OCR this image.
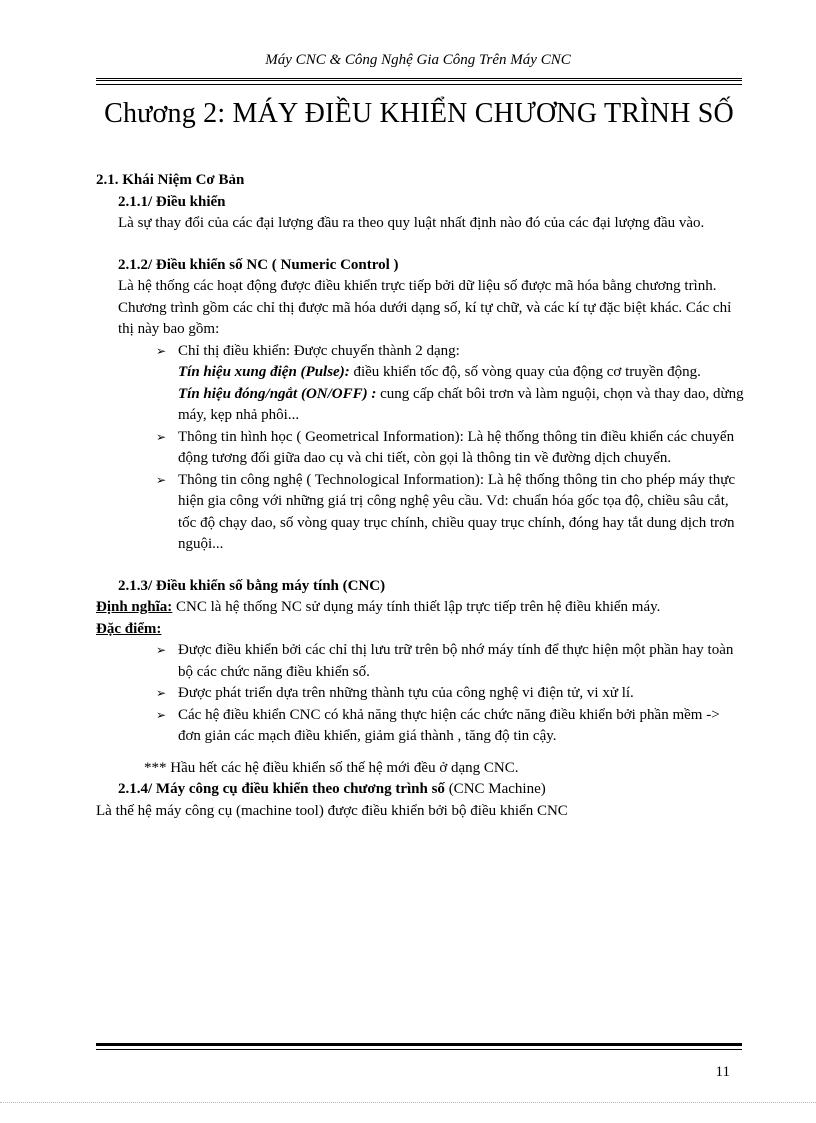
Máy CNC & Công Nghệ Gia Công Trên Máy CNC
Chương 2: MÁY ĐIỀU KHIỂN CHƯƠNG TRÌNH SỐ
2.1. Khái Niệm Cơ Bản
2.1.1/ Điều khiển
Là sự thay đổi của các đại lượng đầu ra theo quy luật nhất định nào đó của các đại lượng đầu vào.
2.1.2/ Điều khiển số NC ( Numeric Control )
Là hệ thống các hoạt động được điều khiển trực tiếp bởi dữ liệu số được mã hóa bằng chương trình. Chương trình gồm các chỉ thị được mã hóa dưới dạng số, kí tự chữ, và các kí tự đặc biệt khác. Các chỉ thị này bao gồm:
➢ Chỉ thị điều khiển: Được chuyển thành 2 dạng:
Tín hiệu xung điện (Pulse): điều khiển tốc độ, số vòng quay của động cơ truyền động.
Tín hiệu đóng/ngắt (ON/OFF) : cung cấp chất bôi trơn và làm nguội, chọn và thay dao, dừng máy, kẹp nhả phôi...
➢ Thông tin hình học ( Geometrical Information): Là hệ thống thông tin điều khiển các chuyển động tương đối giữa dao cụ và chi tiết, còn gọi là thông tin về đường dịch chuyển.
➢ Thông tin công nghệ ( Technological Information): Là hệ thống thông tin cho phép máy thực hiện gia công với những giá trị công nghệ yêu cầu. Vd: chuẩn hóa gốc tọa độ, chiều sâu cắt, tốc độ chạy dao, số vòng quay trục chính, chiều quay trục chính, đóng hay tắt dung dịch trơn nguội...
2.1.3/ Điều khiển số bằng máy tính (CNC)
Định nghĩa: CNC là hệ thống NC sử dụng máy tính thiết lập trực tiếp trên hệ điều khiển máy.
Đặc điểm:
➢ Được điều khiển bởi các chỉ thị lưu trữ trên bộ nhớ máy tính để thực hiện một phần hay toàn bộ các chức năng điều khiển số.
➢ Được phát triển dựa trên những thành tựu của công nghệ vi điện tử, vi xử lí.
➢ Các hệ điều khiển CNC có khả năng thực hiện các chức năng điều khiển bởi phần mềm -> đơn giản các mạch điều khiển, giảm giá thành , tăng độ tin cậy.
*** Hầu hết các hệ điều khiển số thế hệ mới đều ở dạng CNC.
2.1.4/ Máy công cụ điều khiển theo chương trình số (CNC Machine)
Là thế hệ máy công cụ (machine tool) được điều khiển bởi bộ điều khiển CNC
11
